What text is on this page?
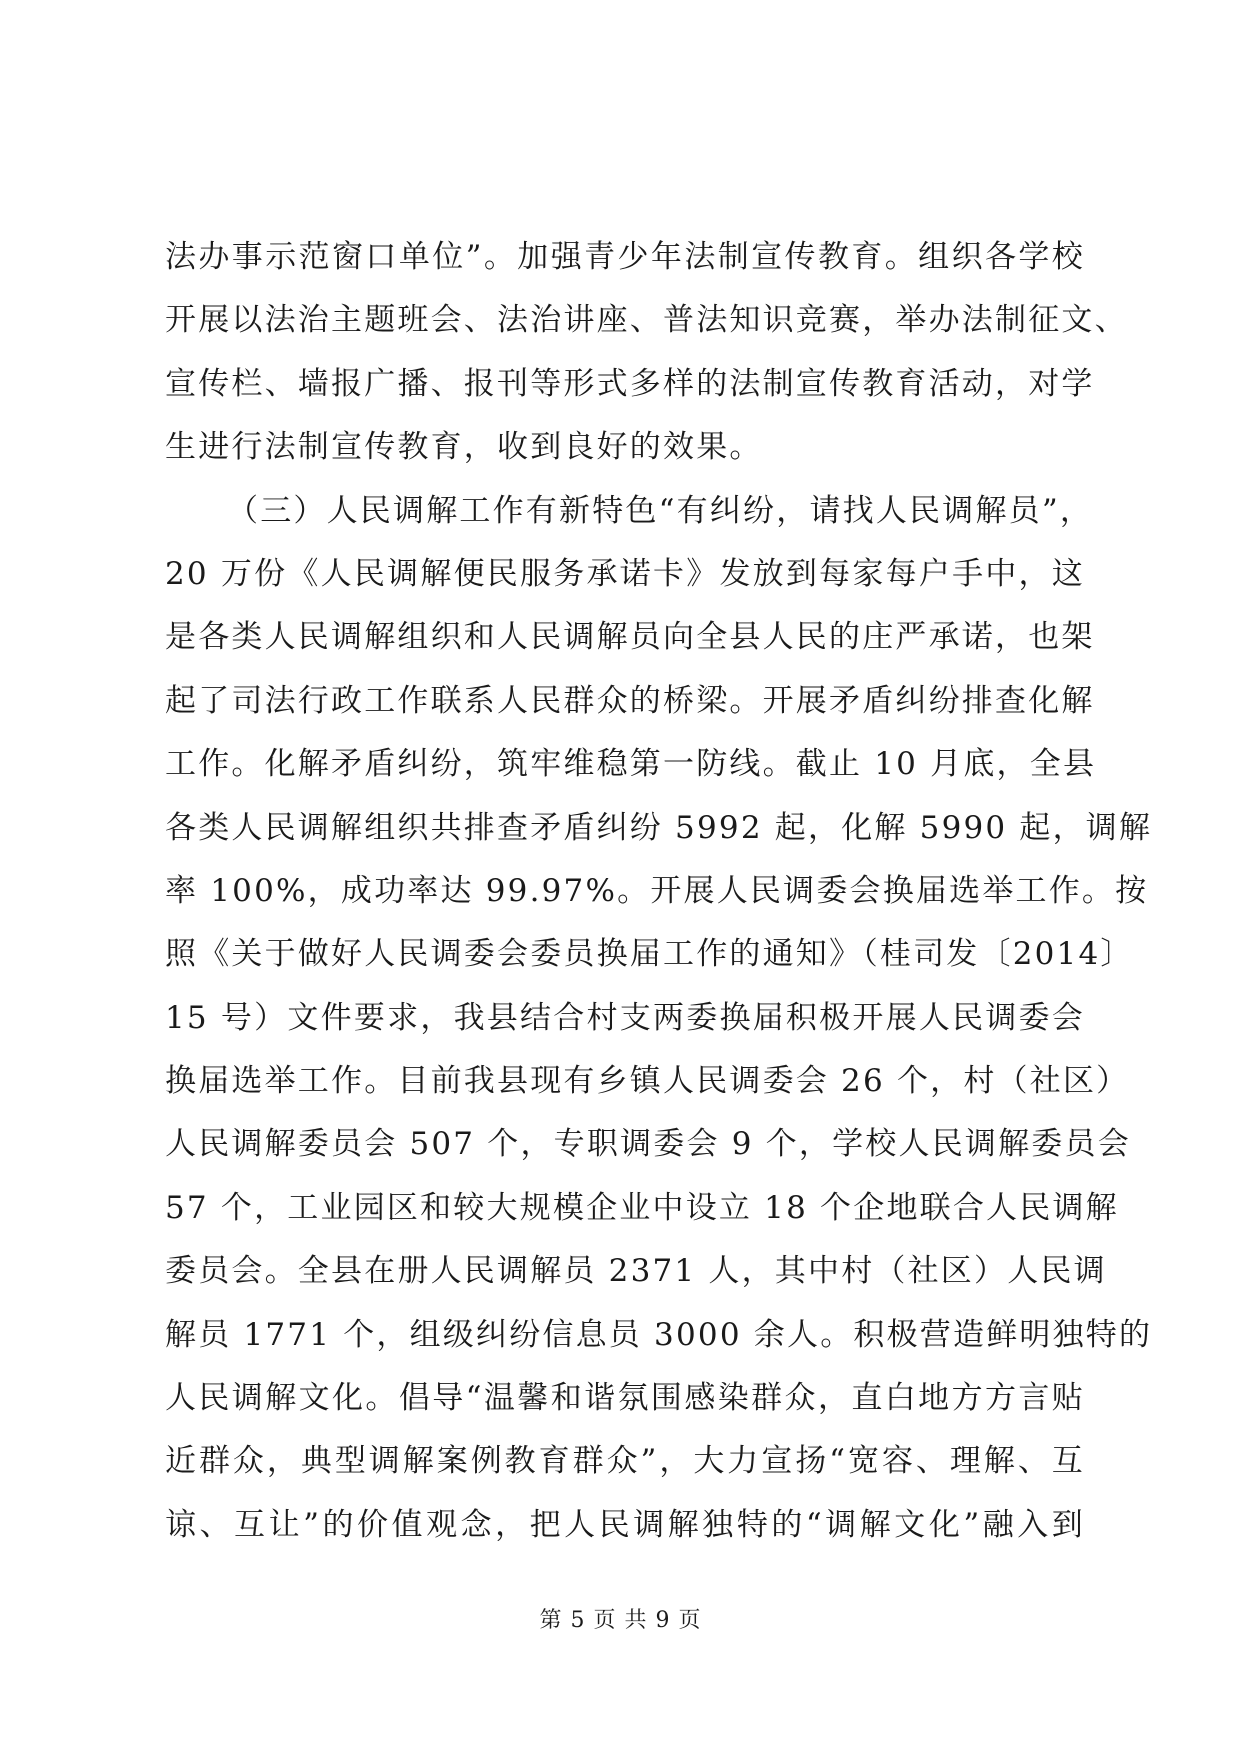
法办事示范窗口单位”。加强青少年法制宣传教育。组织各学校
开展以法治主题班会、法治讲座、普法知识竞赛，举办法制征文、
宣传栏、墙报广播、报刊等形式多样的法制宣传教育活动，对学
生进行法制宣传教育，收到良好的效果。
（三）人民调解工作有新特色“有纠纷，请找人民调解员”，
20 万份《人民调解便民服务承诺卡》发放到每家每户手中，这
是各类人民调解组织和人民调解员向全县人民的庄严承诺，也架
起了司法行政工作联系人民群众的桥梁。开展矛盾纠纷排查化解
工作。化解矛盾纠纷，筑牢维稳第一防线。截止 10 月底，全县
各类人民调解组织共排查矛盾纠纷 5992 起，化解 5990 起，调解
率 100%，成功率达 99.97%。开展人民调委会换届选举工作。按
照《关于做好人民调委会委员换届工作的通知》（桂司发〔2014〕
15 号）文件要求，我县结合村支两委换届积极开展人民调委会
换届选举工作。目前我县现有乡镇人民调委会 26 个，村（社区）
人民调解委员会 507 个，专职调委会 9 个，学校人民调解委员会
57 个，工业园区和较大规模企业中设立 18 个企地联合人民调解
委员会。全县在册人民调解员 2371 人，其中村（社区）人民调
解员 1771 个，组级纠纷信息员 3000 余人。积极营造鲜明独特的
人民调解文化。倡导“温馨和谐氛围感染群众，直白地方方言贴
近群众，典型调解案例教育群众”，大力宣扬“宽容、理解、互
谅、互让”的价值观念，把人民调解独特的“调解文化”融入到
第 5 页 共 9 页
